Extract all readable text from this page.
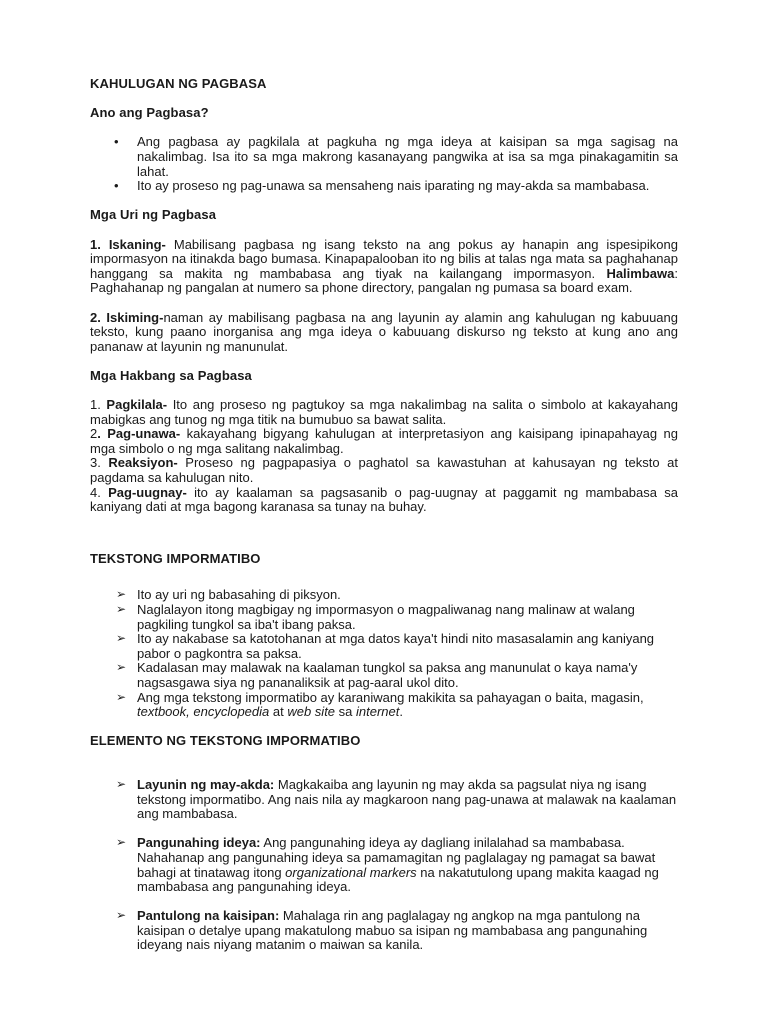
KAHULUGAN NG PAGBASA
Ano ang Pagbasa?
• Ang pagbasa ay pagkilala at pagkuha ng mga ideya at kaisipan sa mga sagisag na nakalimbag. Isa ito sa mga makrong kasanayang pangwika at isa sa mga pinakagamitin sa lahat.
• Ito ay proseso ng pag-unawa sa mensaheng nais iparating ng may-akda sa mambabasa.
Mga Uri ng Pagbasa

1. Iskaning- Mabilisang pagbasa ng isang teksto na ang pokus ay hanapin ang ispesipikong impormasyon na itinakda bago bumasa. Kinapapalooban ito ng bilis at talas nga mata sa paghahanap hanggang sa makita ng mambabasa ang tiyak na kailangang impormasyon. Halimbawa: Paghahanap ng pangalan at numero sa phone directory, pangalan ng pumasa sa board exam.

2. Iskiming-naman ay mabilisang pagbasa na ang layunin ay alamin ang kahulugan ng kabuuang teksto, kung paano inorganisa ang mga ideya o kabuuang diskurso ng teksto at kung ano ang pananaw at layunin ng manunulat.

Mga Hakbang sa Pagbasa

1. Pagkilala- Ito ang proseso ng pagtukoy sa mga nakalimbag na salita o simbolo at kakayahang mabigkas ang tunog ng mga titik na bumubuo sa bawat salita.
2. Pag-unawa- kakayahang bigyang kahulugan at interpretasiyon ang kaisipang ipinapahayag ng mga simbolo o ng mga salitang nakalimbag.
3. Reaksiyon- Proseso ng pagpapasiya o paghatol sa kawastuhan at kahusayan ng teksto at pagdama sa kahulugan nito.
4. Pag-uugnay- ito ay kaalaman sa pagsasanib o pag-uugnay at paggamit ng mambabasa sa kaniyang dati at mga bagong karanasa sa tunay na buhay.

TEKSTONG IMPORMATIBO
➢ Ito ay uri ng babasahing di piksyon.
➢ Naglalayon itong magbigay ng impormasyon o magpaliwanag nang malinaw at walang pagkiling tungkol sa iba't ibang paksa.
➢ Ito ay nakabase sa katotohanan at mga datos kaya't hindi nito masasalamin ang kaniyang pabor o pagkontra sa paksa.
➢ Kadalasan may malawak na kaalaman tungkol sa paksa ang manunulat o kaya nama'y nagsasgawa siya ng pananaliksik at pag-aaral ukol dito.
➢ Ang mga tekstong impormatibo ay karaniwang makikita sa pahayagan o baita, magasin, textbook, encyclopedia at web site sa internet.
ELEMENTO NG TEKSTONG IMPORMATIBO
➢ Layunin ng may-akda: Magkakaiba ang layunin ng may akda sa pagsulat niya ng isang tekstong impormatibo. Ang nais nila ay magkaroon nang pag-unawa at malawak na kaalaman ang mambabasa.
➢ Pangunahing ideya: Ang pangunahing ideya ay dagliang inilalahad sa mambabasa. Nahahanap ang pangunahing ideya sa pamamagitan ng paglalagay ng pamagat sa bawat bahagi at tinatawag itong organizational markers na nakatutulong upang makita kaagad ng mambabasa ang pangunahing ideya.
➢ Pantulong na kaisipan: Mahalaga rin ang paglalagay ng angkop na mga pantulong na kaisipan o detalye upang makatulong mabuo sa isipan ng mambabasa ang pangunahing ideyang nais niyang matanim o maiwan sa kanila.
